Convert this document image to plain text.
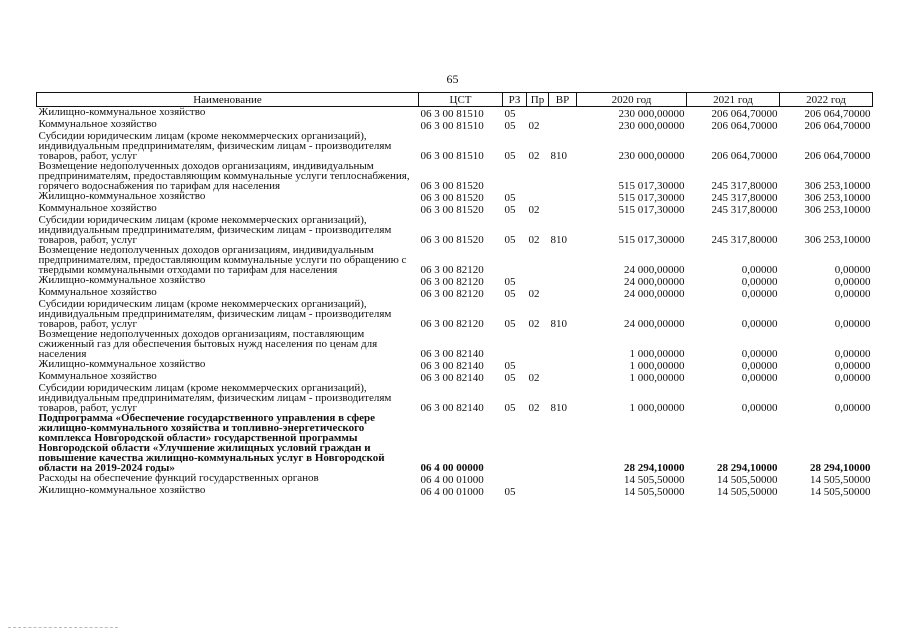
65
Наименование	ЦСТ	РЗ	Пр	ВР	2020 год	2021 год	2022 год
Жилищно-коммунальное хозяйство	06 3 00 81510	05			230 000,00000	206 064,70000	206 064,70000
Коммунальное хозяйство	06 3 00 81510	05	02		230 000,00000	206 064,70000	206 064,70000
Субсидии юридическим лицам (кроме некоммерческих организаций), индивидуальным предпринимателям, физическим лицам - производителям товаров, работ, услуг	06 3 00 81510	05	02	810	230 000,00000	206 064,70000	206 064,70000
Возмещение недополученных доходов организациям, индивидуальным предпринимателям, предоставляющим коммунальные услуги теплоснабжения, горячего водоснабжения по тарифам для населения	06 3 00 81520				515 017,30000	245 317,80000	306 253,10000
Жилищно-коммунальное хозяйство	06 3 00 81520	05			515 017,30000	245 317,80000	306 253,10000
Коммунальное хозяйство	06 3 00 81520	05	02		515 017,30000	245 317,80000	306 253,10000
Субсидии юридическим лицам (кроме некоммерческих организаций), индивидуальным предпринимателям, физическим лицам - производителям товаров, работ, услуг	06 3 00 81520	05	02	810	515 017,30000	245 317,80000	306 253,10000
Возмещение недополученных доходов организациям, индивидуальным предпринимателям, предоставляющим коммунальные услуги по обращению с твердыми коммунальными отходами по тарифам для населения	06 3 00 82120				24 000,00000	0,00000	0,00000
Жилищно-коммунальное хозяйство	06 3 00 82120	05			24 000,00000	0,00000	0,00000
Коммунальное хозяйство	06 3 00 82120	05	02		24 000,00000	0,00000	0,00000
Субсидии юридическим лицам (кроме некоммерческих организаций), индивидуальным предпринимателям, физическим лицам - производителям товаров, работ, услуг	06 3 00 82120	05	02	810	24 000,00000	0,00000	0,00000
Возмещение недополученных доходов организациям, поставляющим сжиженный газ для обеспечения бытовых нужд населения по ценам для населения	06 3 00 82140				1 000,00000	0,00000	0,00000
Жилищно-коммунальное хозяйство	06 3 00 82140	05			1 000,00000	0,00000	0,00000
Коммунальное хозяйство	06 3 00 82140	05	02		1 000,00000	0,00000	0,00000
Субсидии юридическим лицам (кроме некоммерческих организаций), индивидуальным предпринимателям, физическим лицам - производителям товаров, работ, услуг	06 3 00 82140	05	02	810	1 000,00000	0,00000	0,00000
Подпрограмма «Обеспечение государственного управления в сфере жилищно-коммунального хозяйства и топливно-энергетического комплекса Новгородской области» государственной программы Новгородской области «Улучшение жилищных условий граждан и повышение качества жилищно-коммунальных услуг в Новгородской области на 2019-2024 годы»	06 4 00 00000				28 294,10000	28 294,10000	28 294,10000
Расходы на обеспечение функций государственных органов	06 4 00 01000				14 505,50000	14 505,50000	14 505,50000
Жилищно-коммунальное хозяйство	06 4 00 01000	05			14 505,50000	14 505,50000	14 505,50000
